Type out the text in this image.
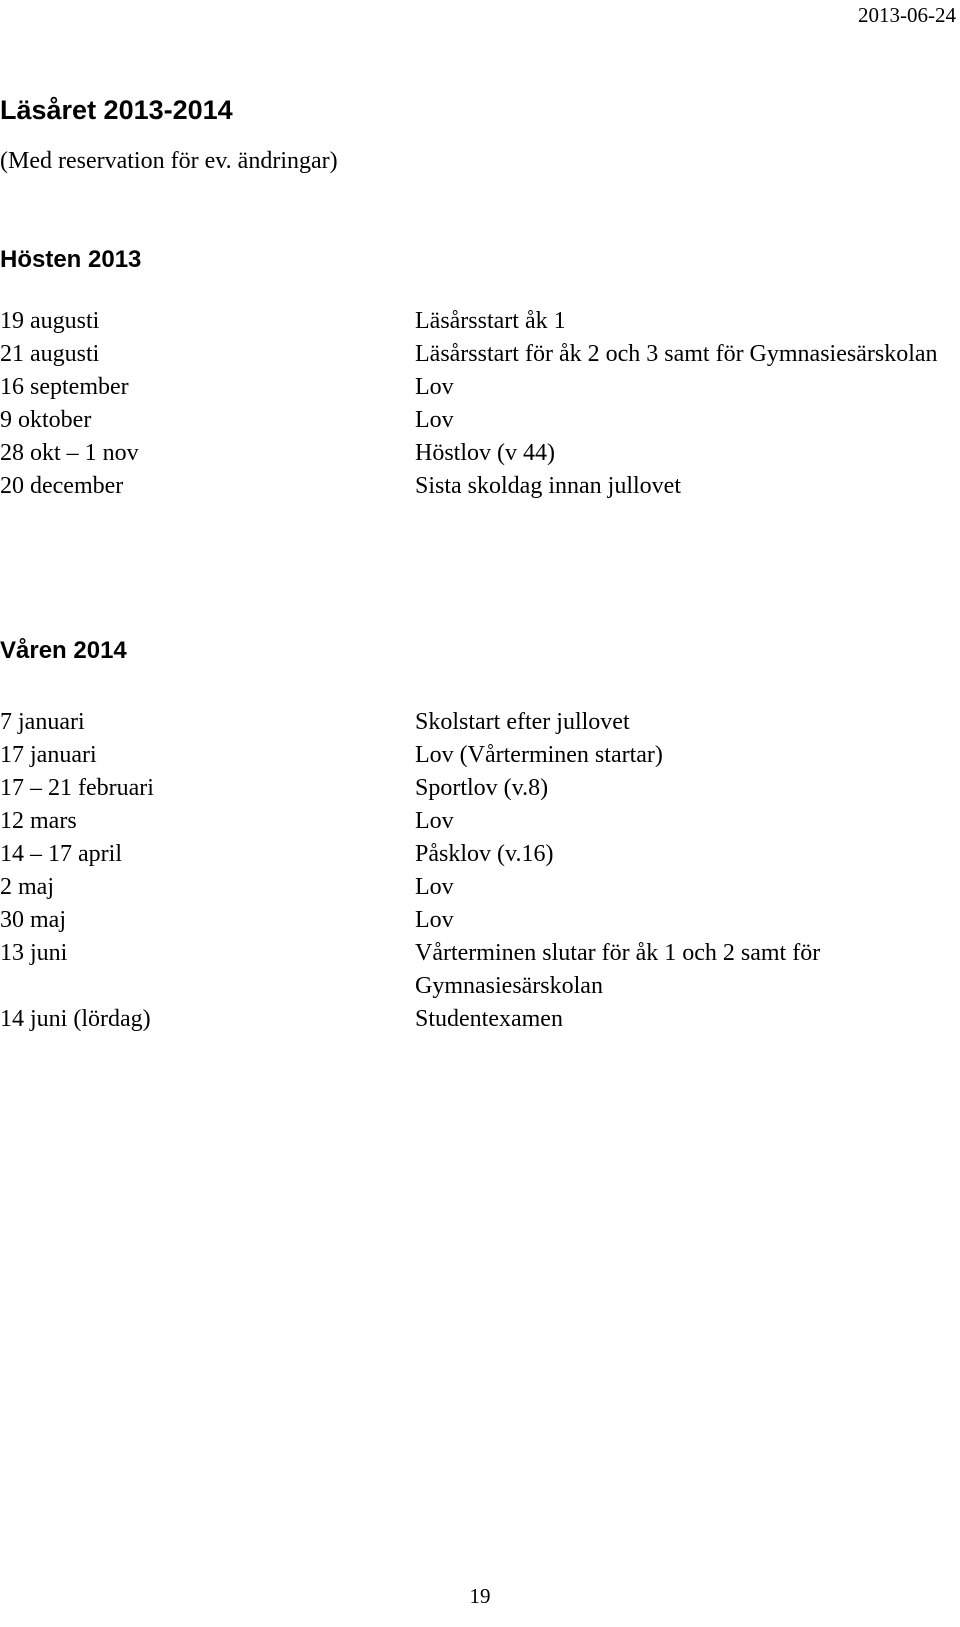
2013-06-24
Läsåret 2013-2014
(Med reservation för ev. ändringar)
Hösten 2013
19 augusti	Läsårsstart åk 1
21 augusti	Läsårsstart för åk 2 och 3 samt för Gymnasiesärskolan
16 september	Lov
9 oktober	Lov
28 okt – 1 nov	Höstlov (v 44)
20 december	Sista skoldag innan jullovet
Våren 2014
7 januari	Skolstart efter jullovet
17 januari	Lov (Vårterminen startar)
17 – 21 februari	Sportlov (v.8)
12 mars	Lov
14 – 17 april	Påsklov (v.16)
2 maj	Lov
30 maj	Lov
13 juni	Vårterminen slutar för åk 1 och 2 samt för Gymnasiesärskolan
14 juni (lördag)	Studentexamen
19
